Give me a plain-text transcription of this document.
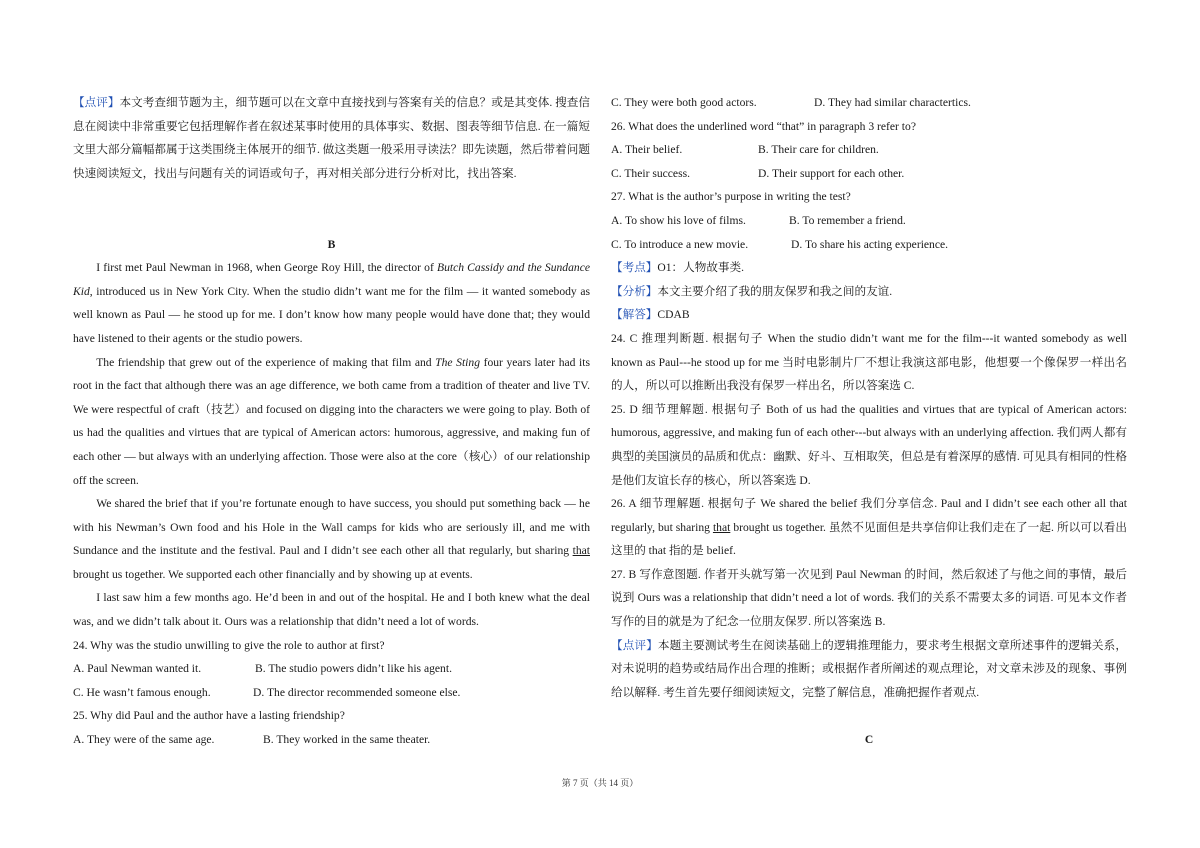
【点评】本文考查细节题为主，细节题可以在文章中直接找到与答案有关的信息？或是其变体. 搜查信息在阅读中非常重要它包括理解作者在叙述某事时使用的具体事实、数据、图表等细节信息. 在一篇短文里大部分篇幅都属于这类围绕主体展开的细节. 做这类题一般采用寻读法？即先读题，然后带着问题快速阅读短文，找出与问题有关的词语或句子，再对相关部分进行分析对比，找出答案.

B

I first met Paul Newman in 1968, when George Roy Hill, the director of Butch Cassidy and the Sundance Kid, introduced us in New York City. When the studio didn’t want me for the film — it wanted somebody as well known as Paul — he stood up for me. I don’t know how many people would have done that; they would have listened to their agents or the studio powers.

The friendship that grew out of the experience of making that film and The Sting four years later had its root in the fact that although there was an age difference, we both came from a tradition of theater and live TV. We were respectful of craft（技艺）and focused on digging into the characters we were going to play. Both of us had the qualities and virtues that are typical of American actors: humorous, aggressive, and making fun of each other — but always with an underlying affection. Those were also at the core（核心）of our relationship off the screen.

We shared the brief that if you’re fortunate enough to have success, you should put something back — he with his Newman’s Own food and his Hole in the Wall camps for kids who are seriously ill, and me with Sundance and the institute and the festival. Paul and I didn’t see each other all that regularly, but sharing that brought us together. We supported each other financially and by showing up at events.

I last saw him a few months ago. He’d been in and out of the hospital. He and I both knew what the deal was, and we didn’t talk about it. Ours was a relationship that didn’t need a lot of words.

24. Why was the studio unwilling to give the role to author at first?

A. Paul Newman wanted it.	B. The studio powers didn’t like his agent.
C. He wasn’t famous enough.	D. The director recommended someone else.

25. Why did Paul and the author have a lasting friendship?

A. They were of the same age.	B. They worked in the same theater.
C. They were both good actors.	D. They had similar charactertics.

26. What does the underlined word “that” in paragraph 3 refer to?

A. Their belief.	B. Their care for children.
C. Their success.	D. Their support for each other.

27. What is the author’s purpose in writing the test?

A. To show his love of films.	B. To remember a friend.
C. To introduce a new movie.	D. To share his acting experience.

【考点】O1：人物故事类.

【分析】本文主要介绍了我的朋友保罗和我之间的友谊.

【解答】CDAB

24. C 推理判断题. 根据句子 When the studio didn’t want me for the film---it wanted somebody as well known as Paul---he stood up for me 当时电影制片厂不想让我演这部电影，他想要一个像保罗一样出名的人，所以可以推断出我没有保罗一样出名，所以答案选 C.

25. D 细节理解题. 根据句子 Both of us had the qualities and virtues that are typical of American actors: humorous, aggressive, and making fun of each other---but always with an underlying affection. 我们两人都有典型的美国演员的品质和优点：幽默、好斗、互相取笑，但总是有着深厚的感情. 可见具有相同的性格是他们友谊长存的核心，所以答案选 D.

26. A 细节理解题. 根据句子 We shared the belief 我们分享信念. Paul and I didn’t see each other all that regularly, but sharing that brought us together. 虽然不见面但是共享信仰让我们走在了一起. 所以可以看出这里的 that 指的是 belief.

27. B 写作意图题. 作者开头就写第一次见到 Paul Newman 的时间，然后叙述了与他之间的事情，最后说到 Ours was a relationship that didn’t need a lot of words. 我们的关系不需要太多的词语. 可见本文作者写作的目的就是为了纪念一位朋友保罗. 所以答案选 B.

【点评】本题主要测试考生在阅读基础上的逻辑推理能力，要求考生根据文章所述事件的逻辑关系，对未说明的趋势或结局作出合理的推断；或根据作者所阐述的观点理论，对文章未涉及的现象、事例给以解释. 考生首先要仔细阅读短文，完整了解信息，准确把握作者观点.

C

第 7 页（共 14 页）
